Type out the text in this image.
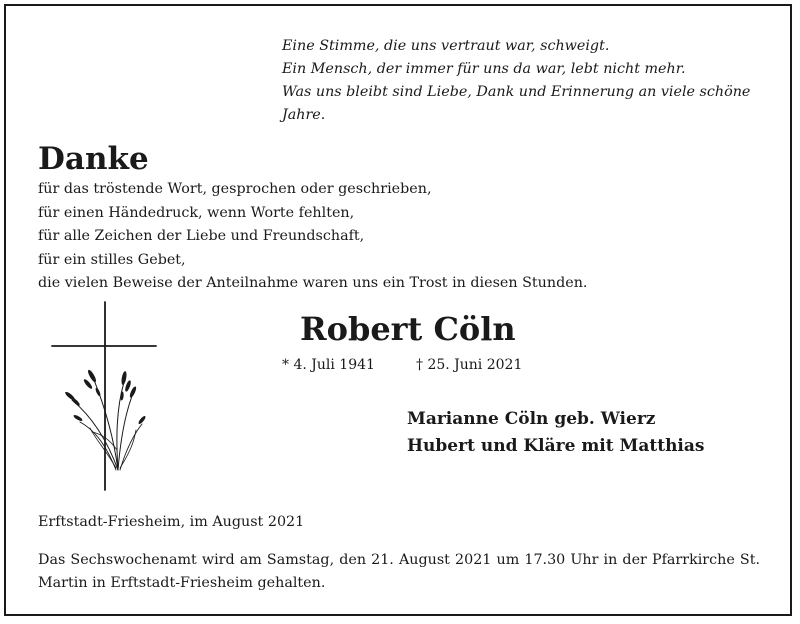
Eine Stimme, die uns vertraut war, schweigt.
Ein Mensch, der immer für uns da war, lebt nicht mehr.
Was uns bleibt sind Liebe, Dank und Erinnerung an viele schöne
Jahre.
Danke
für das tröstende Wort, gesprochen oder geschrieben,
für einen Händedruck, wenn Worte fehlten,
für alle Zeichen der Liebe und Freundschaft,
für ein stilles Gebet,
die vielen Beweise der Anteilnahme waren uns ein Trost in diesen Stunden.
Robert Cöln
* 4. Juli 1941	† 25. Juni 2021
Marianne Cöln geb. Wierz
Hubert und Kläre mit Matthias
Erftstadt-Friesheim, im August 2021
Das Sechswochenamt wird am Samstag, den 21. August 2021 um 17.30 Uhr in der Pfarrkirche St. Martin in Erftstadt-Friesheim gehalten.
